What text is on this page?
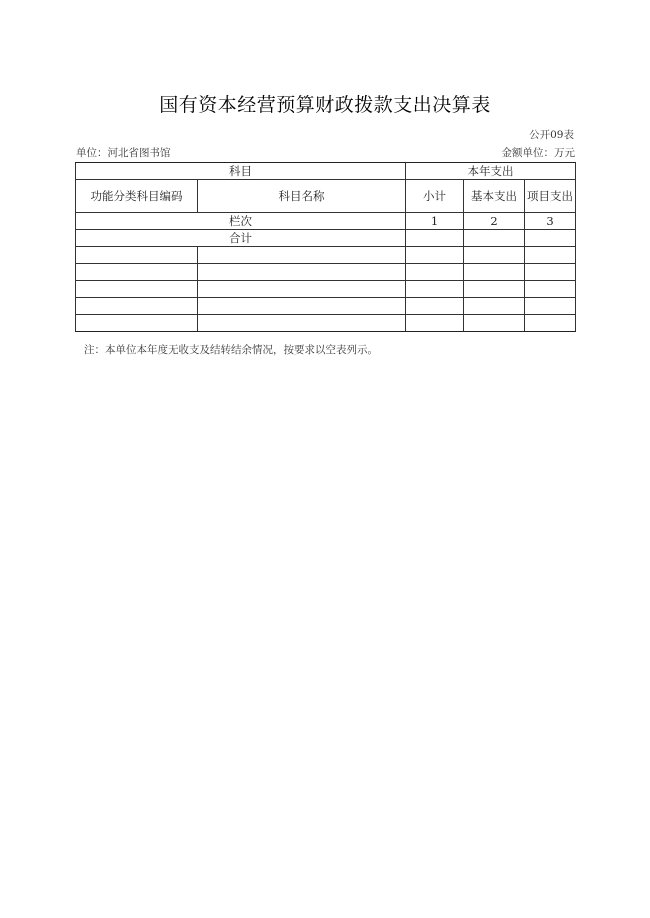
国有资本经营预算财政拨款支出决算表
公开09表
单位：河北省图书馆	金额单位：万元
科目		本年支出		
功能分类科目编码	科目名称	小计	基本支出	项目支出
栏次		1	2	3
合计				

注：本单位本年度无收支及结转结余情况，按要求以空表列示。
